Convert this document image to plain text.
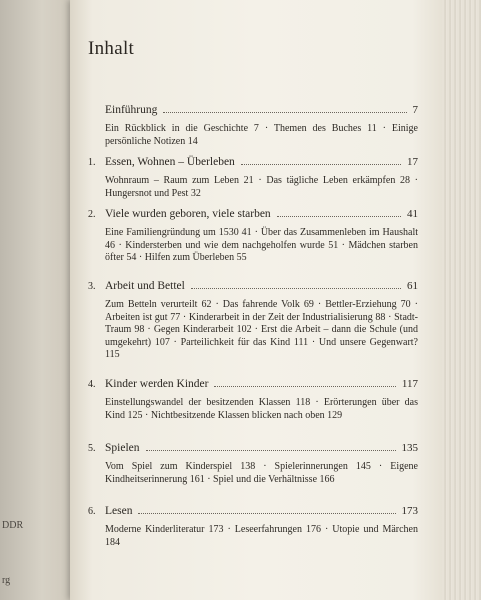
DDR
rg
Inhalt
Einführung	7
Ein Rückblick in die Geschichte 7 · Themen des Buches 11 · Einige persönliche Notizen 14
1. Essen, Wohnen – Überleben	17
Wohnraum – Raum zum Leben 21 · Das tägliche Leben erkämpfen 28 · Hungersnot und Pest 32
2. Viele wurden geboren, viele starben	41
Eine Familiengründung um 1530 41 · Über das Zusammenleben im Haushalt 46 · Kindersterben und wie dem nachgeholfen wurde 51 · Mädchen starben öfter 54 · Hilfen zum Überleben 55
3. Arbeit und Bettel	61
Zum Betteln verurteilt 62 · Das fahrende Volk 69 · Bettler-Erziehung 70 · Arbeiten ist gut 77 · Kinderarbeit in der Zeit der Industrialisierung 88 · Stadt-Traum 98 · Gegen Kinderarbeit 102 · Erst die Arbeit – dann die Schule (und umgekehrt) 107 · Parteilichkeit für das Kind 111 · Und unsere Gegenwart? 115
4. Kinder werden Kinder	117
Einstellungswandel der besitzenden Klassen 118 · Erörterungen über das Kind 125 · Nichtbesitzende Klassen blicken nach oben 129
5. Spielen	135
Vom Spiel zum Kinderspiel 138 · Spielerinnerungen 145 · Eigene Kindheitserinnerung 161 · Spiel und die Verhältnisse 166
6. Lesen	173
Moderne Kinderliteratur 173 · Leseerfahrungen 176 · Utopie und Märchen 184
